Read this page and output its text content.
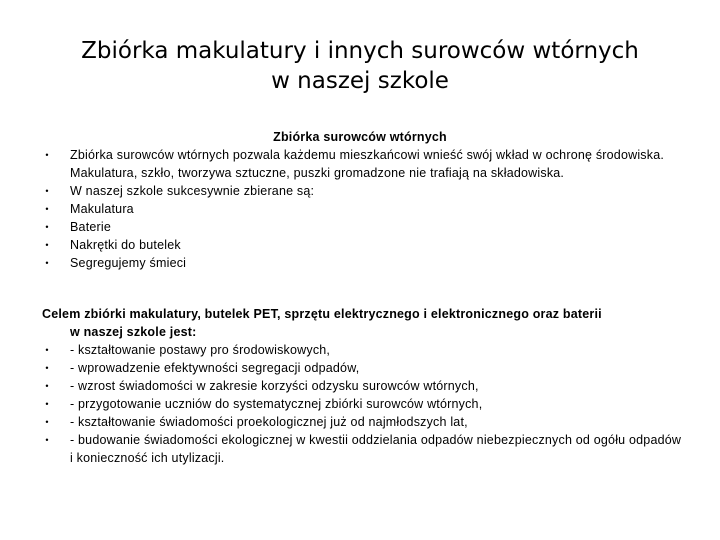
Zbiórka makulatury i innych surowców wtórnych
w naszej szkole
Zbiórka surowców wtórnych
• Zbiórka surowców wtórnych pozwala każdemu mieszkańcowi wnieść swój wkład w ochronę środowiska. Makulatura, szkło, tworzywa sztuczne, puszki gromadzone nie trafiają na składowiska.
• W naszej szkole sukcesywnie zbierane są:
• Makulatura
• Baterie
• Nakrętki do butelek
• Segregujemy śmieci
Celem zbiórki makulatury, butelek PET, sprzętu elektrycznego i elektronicznego oraz baterii
w naszej szkole jest:
• - kształtowanie postawy pro środowiskowych,
• - wprowadzenie efektywności segregacji odpadów,
• - wzrost świadomości w zakresie korzyści odzysku surowców wtórnych,
• - przygotowanie uczniów do systematycznej zbiórki surowców wtórnych,
• - kształtowanie świadomości proekologicznej już od najmłodszych lat,
• - budowanie świadomości ekologicznej w kwestii oddzielania odpadów niebezpiecznych od ogółu odpadów i konieczność ich utylizacji.
